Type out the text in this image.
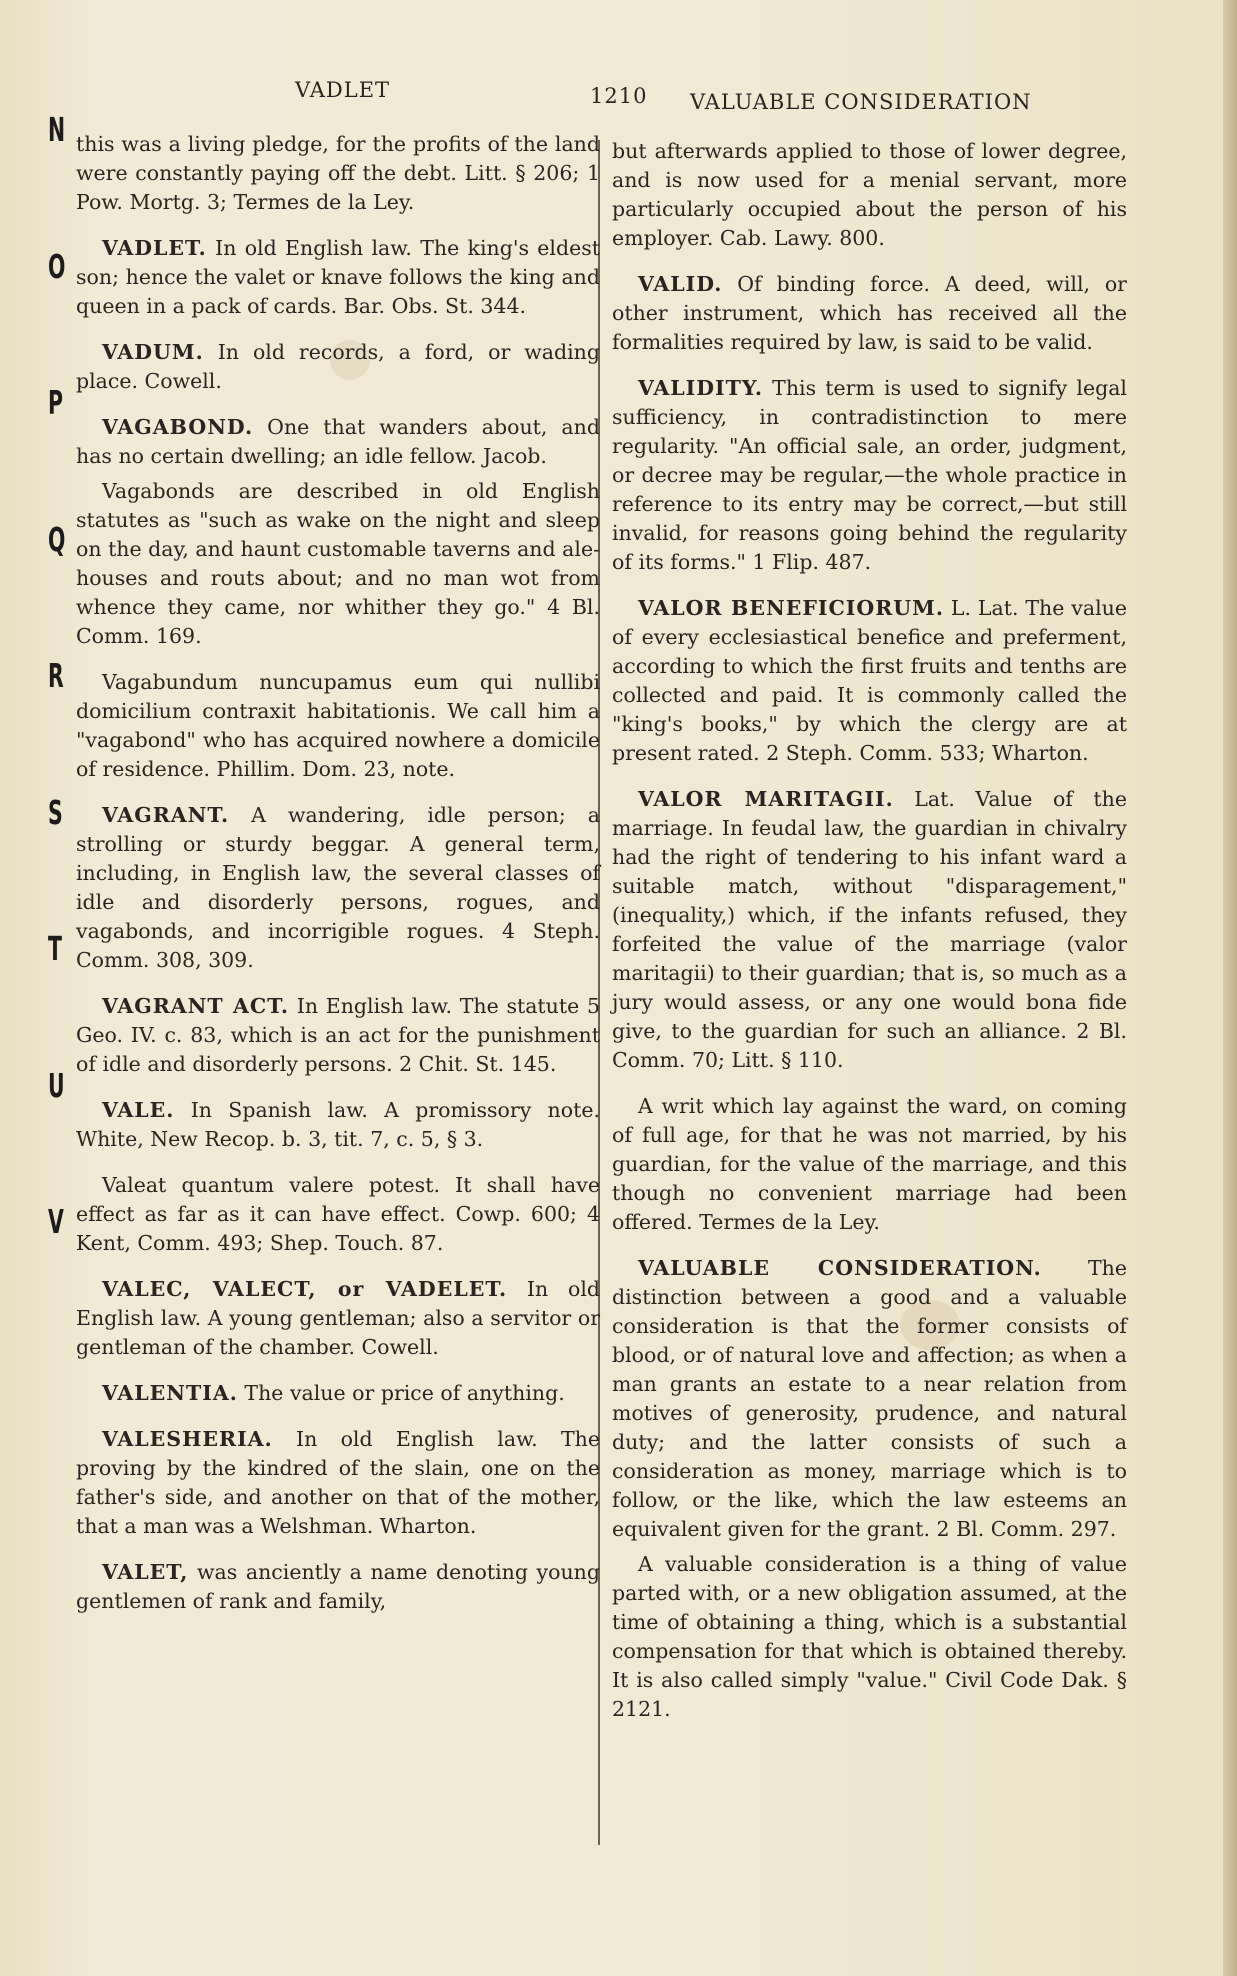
VADLET	1210 VALUABLE CONSIDERATION
N
O
P
Q
R
S
T
U
V

this was a living pledge, for the profits of the land were constantly paying off the debt. Litt. § 206; 1 Pow. Mortg. 3; Termes de la Ley.

VADLET. In old English law. The king's eldest son; hence the valet or knave follows the king and queen in a pack of cards. Bar. Obs. St. 344.

VADUM. In old records, a ford, or wading place. Cowell.

VAGABOND. One that wanders about, and has no certain dwelling; an idle fellow. Jacob.

Vagabonds are described in old English statutes as "such as wake on the night and sleep on the day, and haunt customable taverns and ale-houses and routs about; and no man wot from whence they came, nor whither they go." 4 Bl. Comm. 169.

Vagabundum nuncupamus eum qui nullibi domicilium contraxit habitationis. We call him a "vagabond" who has acquired nowhere a domicile of residence. Phillim. Dom. 23, note.

VAGRANT. A wandering, idle person; a strolling or sturdy beggar. A general term, including, in English law, the several classes of idle and disorderly persons, rogues, and vagabonds, and incorrigible rogues. 4 Steph. Comm. 308, 309.

VAGRANT ACT. In English law. The statute 5 Geo. IV. c. 83, which is an act for the punishment of idle and disorderly persons. 2 Chit. St. 145.

VALE. In Spanish law. A promissory note. White, New Recop. b. 3, tit. 7, c. 5, § 3.

Valeat quantum valere potest. It shall have effect as far as it can have effect. Cowp. 600; 4 Kent, Comm. 493; Shep. Touch. 87.

VALEC, VALECT, or VADELET. In old English law. A young gentleman; also a servitor or gentleman of the chamber. Cowell.

VALENTIA. The value or price of anything.

VALESHERIA. In old English law. The proving by the kindred of the slain, one on the father's side, and another on that of the mother, that a man was a Welshman. Wharton.

VALET, was anciently a name denoting young gentlemen of rank and family,

but afterwards applied to those of lower degree, and is now used for a menial servant, more particularly occupied about the person of his employer. Cab. Lawy. 800.

VALID. Of binding force. A deed, will, or other instrument, which has received all the formalities required by law, is said to be valid.

VALIDITY. This term is used to signify legal sufficiency, in contradistinction to mere regularity. "An official sale, an order, judgment, or decree may be regular,—the whole practice in reference to its entry may be correct,—but still invalid, for reasons going behind the regularity of its forms." 1 Flip. 487.

VALOR BENEFICIORUM. L. Lat. The value of every ecclesiastical benefice and preferment, according to which the first fruits and tenths are collected and paid. It is commonly called the "king's books," by which the clergy are at present rated. 2 Steph. Comm. 533; Wharton.

VALOR MARITAGII. Lat. Value of the marriage. In feudal law, the guardian in chivalry had the right of tendering to his infant ward a suitable match, without "disparagement," (inequality,) which, if the infants refused, they forfeited the value of the marriage (valor maritagii) to their guardian; that is, so much as a jury would assess, or any one would bona fide give, to the guardian for such an alliance. 2 Bl. Comm. 70; Litt. § 110.

A writ which lay against the ward, on coming of full age, for that he was not married, by his guardian, for the value of the marriage, and this though no convenient marriage had been offered. Termes de la Ley.

VALUABLE CONSIDERATION. The distinction between a good and a valuable consideration is that the former consists of blood, or of natural love and affection; as when a man grants an estate to a near relation from motives of generosity, prudence, and natural duty; and the latter consists of such a consideration as money, marriage which is to follow, or the like, which the law esteems an equivalent given for the grant. 2 Bl. Comm. 297.

A valuable consideration is a thing of value parted with, or a new obligation assumed, at the time of obtaining a thing, which is a substantial compensation for that which is obtained thereby. It is also called simply "value." Civil Code Dak. § 2121.
